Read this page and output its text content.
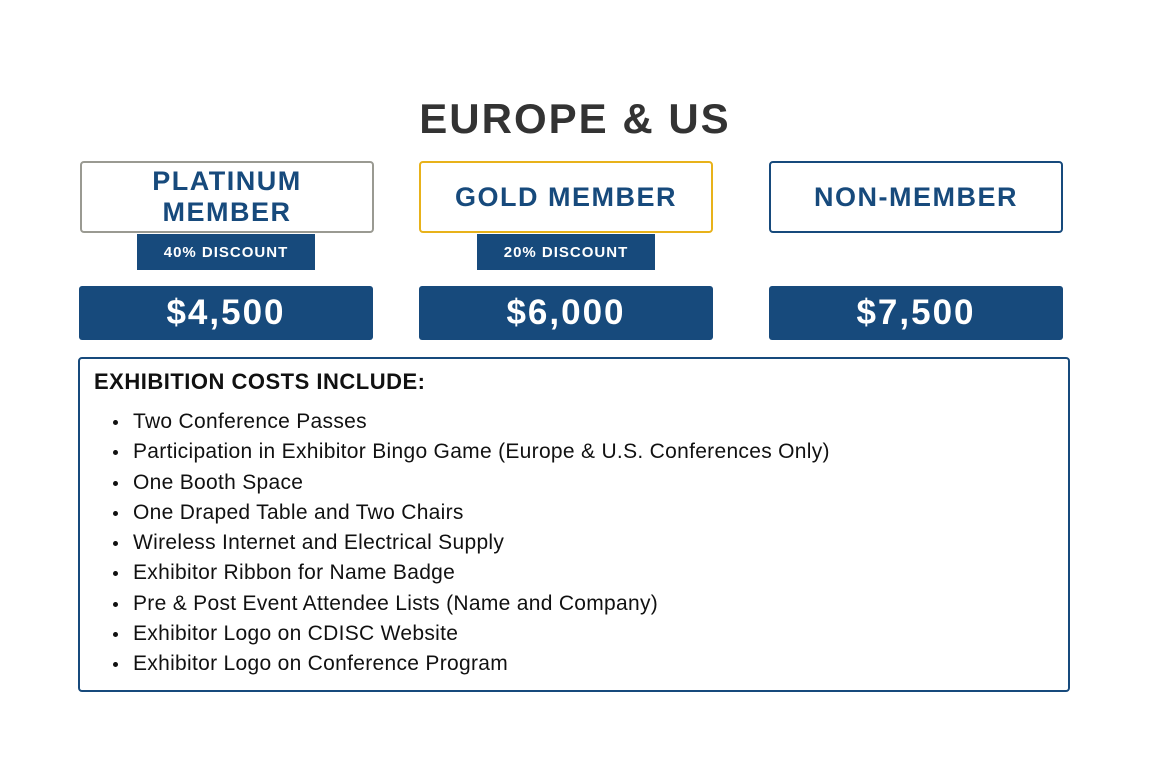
EUROPE & US
PLATINUM
MEMBER
40% DISCOUNT
$4,500
GOLD MEMBER
20% DISCOUNT
$6,000
NON-MEMBER
$7,500
EXHIBITION COSTS INCLUDE:
Two Conference Passes
Participation in Exhibitor Bingo Game (Europe & U.S. Conferences Only)
One Booth Space
One Draped Table and Two Chairs
Wireless Internet and Electrical Supply
Exhibitor Ribbon for Name Badge
Pre & Post Event Attendee Lists (Name and Company)
Exhibitor Logo on CDISC Website
Exhibitor Logo on Conference Program
